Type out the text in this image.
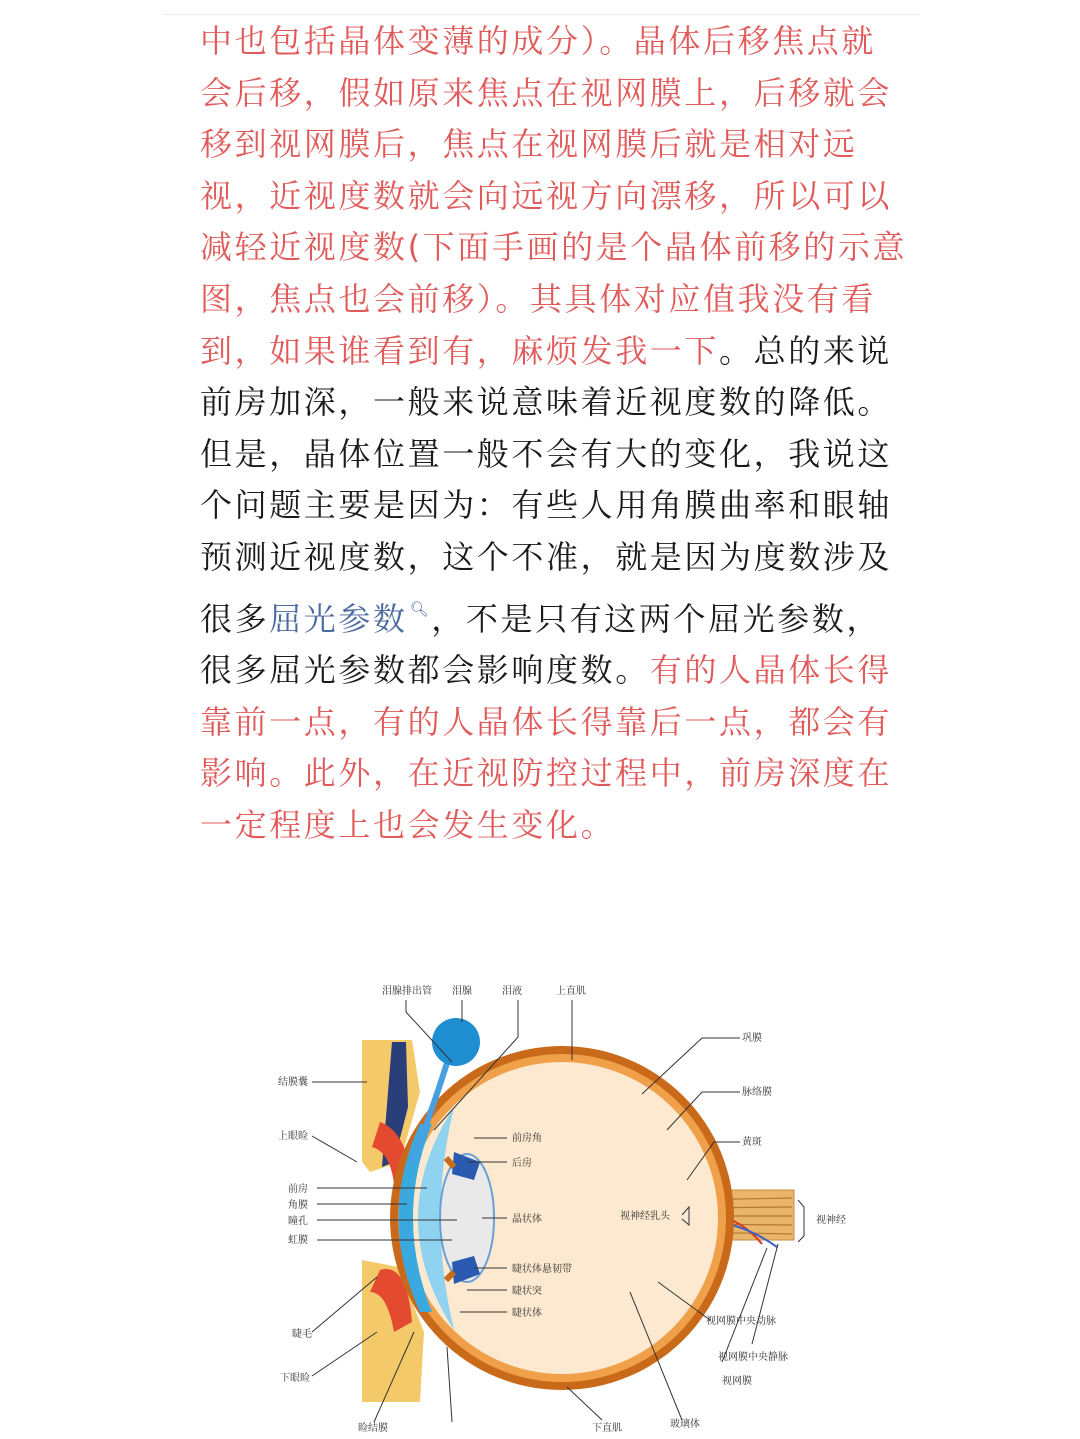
中也包括晶体变薄的成分）。晶体后移焦点就
会后移，假如原来焦点在视网膜上，后移就会
移到视网膜后，焦点在视网膜后就是相对远
视，近视度数就会向远视方向漂移，所以可以
减轻近视度数(下面手画的是个晶体前移的示意
图，焦点也会前移）。其具体对应值我没有看
到，如果谁看到有，麻烦发我一下。总的来说
前房加深，一般来说意味着近视度数的降低。
但是，晶体位置一般不会有大的变化，我说这
个问题主要是因为：有些人用角膜曲率和眼轴
预测近视度数，这个不准，就是因为度数涉及
很多屈光参数 🔍︎，不是只有这两个屈光参数，
很多屈光参数都会影响度数。有的人晶体长得
靠前一点，有的人晶体长得靠后一点，都会有
影响。此外，在近视防控过程中，前房深度在
一定程度上也会发生变化。

泪腺排出管 泪腺	泪液	上直肌
巩膜
脉络膜
黄斑
视神经乳头	视神经
结膜囊
上眼睑
前房
角膜
瞳孔
虹膜
前房角
后房
晶状体
睫状体悬韧带
睫状突
睫状体
睫毛
下眼睑
睑结膜	下直肌	玻璃体
视网膜中央动脉
视网膜中央静脉
视网膜
